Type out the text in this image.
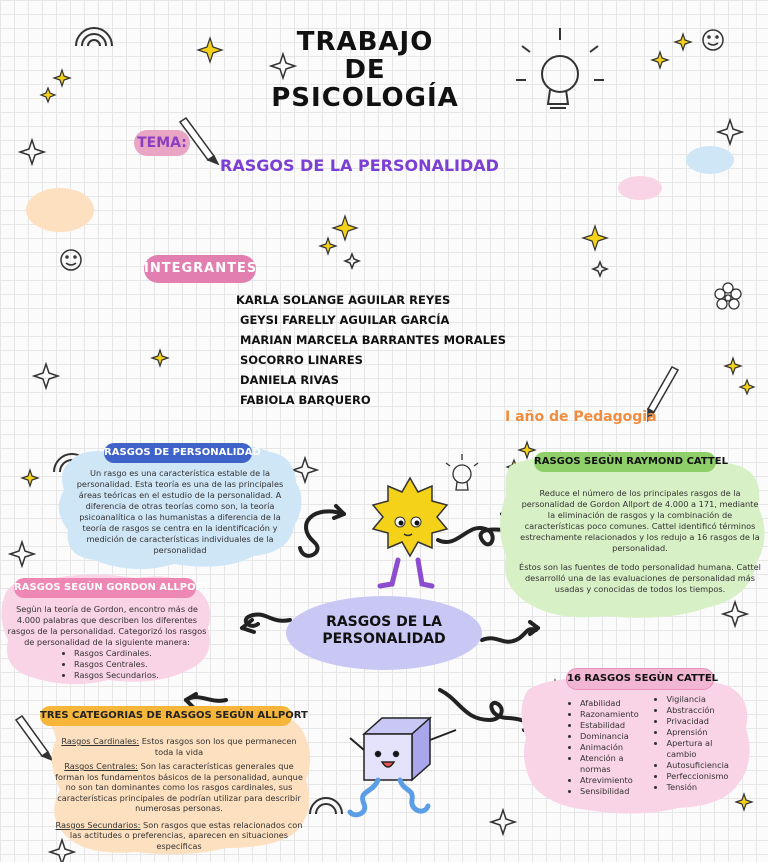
TRABAJO
DE
PSICOLOGÍA
TEMA:
RASGOS DE LA PERSONALIDAD
INTEGRANTES
KARLA SOLANGE AGUILAR REYES
GEYSI FARELLY AGUILAR GARCÍA
MARIAN MARCELA BARRANTES MORALES
SOCORRO LINARES
DANIELA RIVAS
FABIOLA BARQUERO
I año de Pedagogia
RASGOS DE LA
PERSONALIDAD
RASGOS DE PERSONALIDAD
Un rasgo es una característica estable de la personalidad. Esta teoría es una de las principales áreas teóricas en el estudio de la personalidad. A diferencia de otras teorías como son, la teoría psicoanalítica o las humanistas a diferencia de la teoría de rasgos se centra en la identificación y medición de características individuales de la personalidad
RASGOS SEGÙN GORDON ALLPORT
Segùn la teoría de Gordon, encontro más de 4.000 palabras que describen los diferentes rasgos de la personalidad. Categorizó los rasgos de personalidad de la siguiente manera:
• Rasgos Cardinales.
• Rasgos Centrales.
• Rasgos Secundarios.
TRES CATEGORIAS DE RASGOS SEGÙN ALLPORT
Rasgos Cardinales: Estos rasgos son los que permanecen toda la vida
Rasgos Centrales: Son las características generales que forman los fundamentos básicos de la personalidad, aunque no son tan dominantes como los rasgos cardinales, sus características principales de podrían utilizar para describir numerosas personas.
Rasgos Secundarios: Son rasgos que estas relacionados con las actitudes o preferencias, aparecen en situaciones especificas
RASGOS SEGÙN RAYMOND CATTEL
Reduce el número de los principales rasgos de la personalidad de Gordon Allport de 4.000 a 171, mediante la eliminación de rasgos y la combinación de características poco comunes. Cattel identificó términos estrechamente relacionados y los redujo a 16 rasgos de la personalidad.
Éstos son las fuentes de todo personalidad humana. Cattel desarrolló una de las evaluaciones de personalidad más usadas y conocidas de todos los tiempos.
16 RASGOS SEGÙN CATTEL
• Afabilidad
• Razonamiento
• Estabilidad
• Dominancia
• Animación
• Atención a normas
• Atrevimiento
• Sensibilidad
• Vigilancia
• Abstracción
• Privacidad
• Aprensión
• Apertura al cambio
• Autosuficiencia
• Perfeccionismo
• Tensión
